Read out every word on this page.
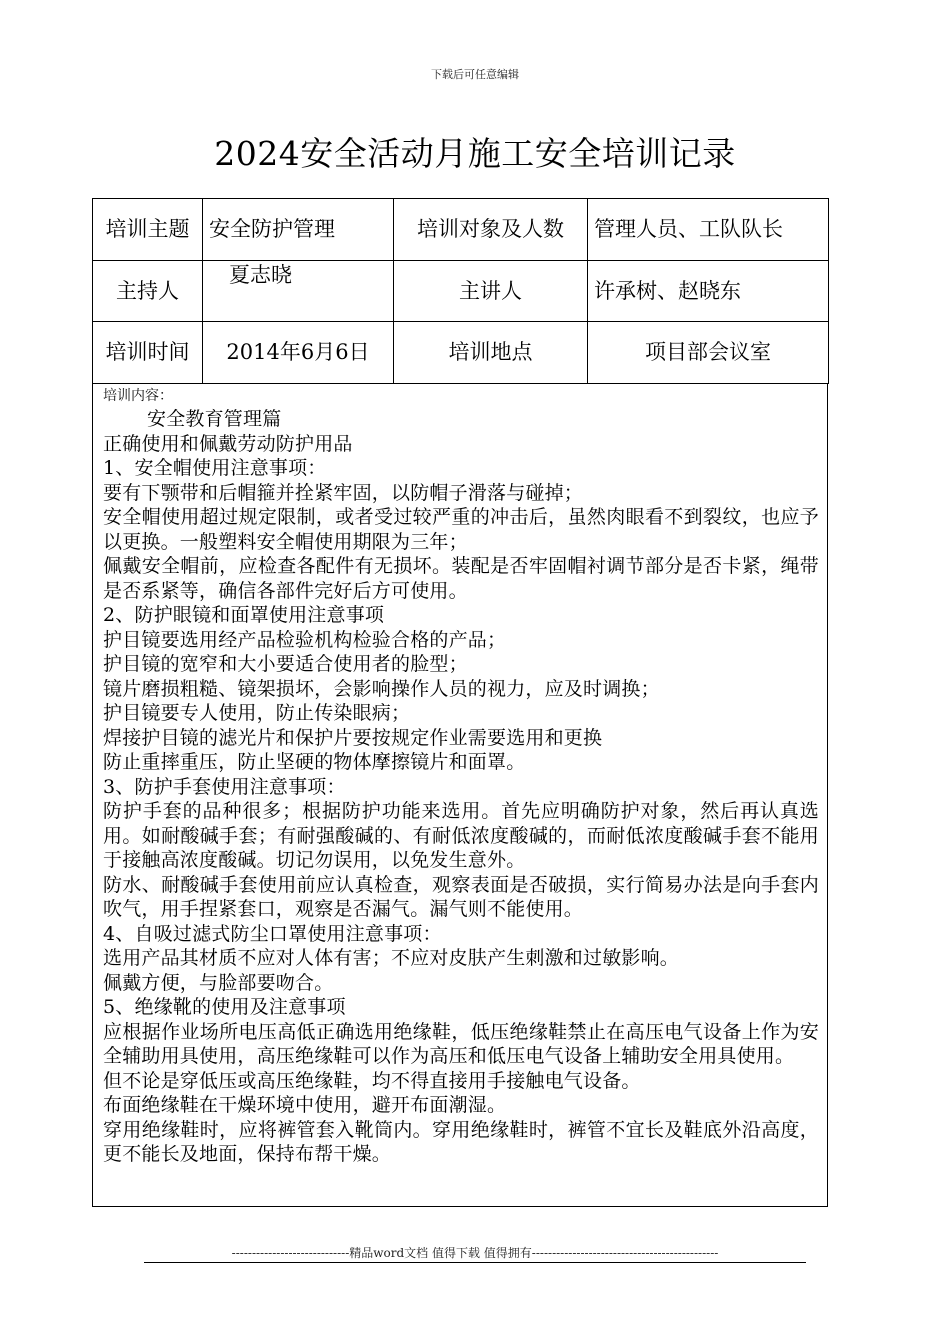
下载后可任意编辑
2024安全活动月施工安全培训记录
培训主题	安全防护管理	培训对象及人数	管理人员、工队队长
主持人	夏志晓	主讲人	许承树、赵晓东
培训时间	2014年6月6日	培训地点	项目部会议室
培训内容：
安全教育管理篇
正确使用和佩戴劳动防护用品
1、安全帽使用注意事项：
要有下颚带和后帽箍并拴紧牢固，以防帽子滑落与碰掉；
安全帽使用超过规定限制，或者受过较严重的冲击后，虽然肉眼看不到裂纹，也应予以更换。一般塑料安全帽使用期限为三年；
佩戴安全帽前，应检查各配件有无损坏。装配是否牢固帽衬调节部分是否卡紧，绳带是否系紧等，确信各部件完好后方可使用。
2、防护眼镜和面罩使用注意事项
护目镜要选用经产品检验机构检验合格的产品；
护目镜的宽窄和大小要适合使用者的脸型；
镜片磨损粗糙、镜架损坏，会影响操作人员的视力，应及时调换；
护目镜要专人使用，防止传染眼病；
焊接护目镜的滤光片和保护片要按规定作业需要选用和更换
防止重摔重压，防止坚硬的物体摩擦镜片和面罩。
3、防护手套使用注意事项：
防护手套的品种很多；根据防护功能来选用。首先应明确防护对象，然后再认真选用。如耐酸碱手套；有耐强酸碱的、有耐低浓度酸碱的，而耐低浓度酸碱手套不能用于接触高浓度酸碱。切记勿误用，以免发生意外。
防水、耐酸碱手套使用前应认真检查，观察表面是否破损，实行简易办法是向手套内吹气，用手捏紧套口，观察是否漏气。漏气则不能使用。
4、自吸过滤式防尘口罩使用注意事项：
选用产品其材质不应对人体有害；不应对皮肤产生刺激和过敏影响。
佩戴方便，与脸部要吻合。
5、绝缘靴的使用及注意事项
应根据作业场所电压高低正确选用绝缘鞋，低压绝缘鞋禁止在高压电气设备上作为安全辅助用具使用，高压绝缘鞋可以作为高压和低压电气设备上辅助安全用具使用。
但不论是穿低压或高压绝缘鞋，均不得直接用手接触电气设备。
布面绝缘鞋在干燥环境中使用，避开布面潮湿。
穿用绝缘鞋时，应将裤管套入靴筒内。穿用绝缘鞋时，裤管不宜长及鞋底外沿高度，更不能长及地面，保持布帮干燥。
-----------------------------精品word文档 值得下载 值得拥有----------------------------------------------
